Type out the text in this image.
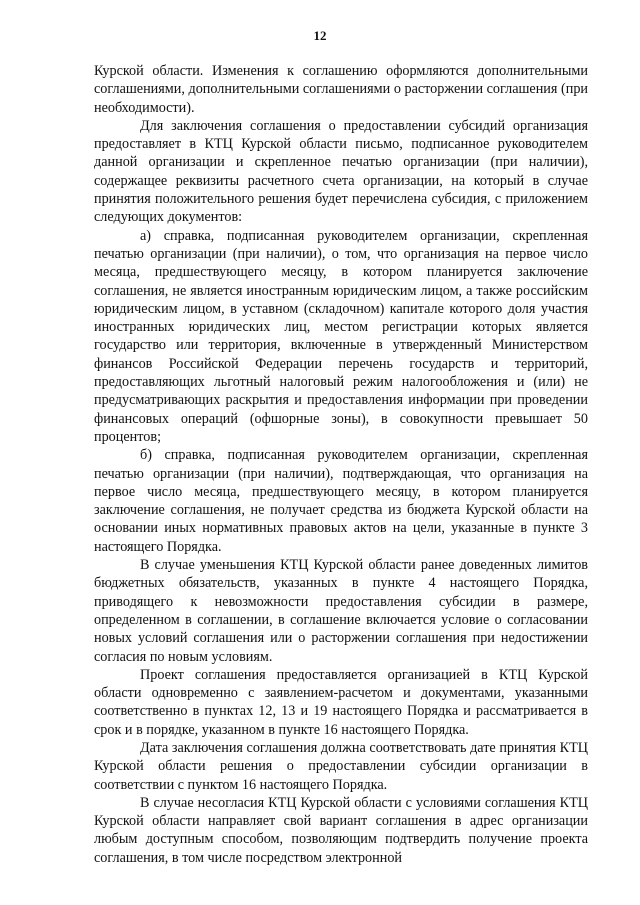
12

Курской области. Изменения к соглашению оформляются дополнительными соглашениями, дополнительными соглашениями о расторжении соглашения (при необходимости).

Для заключения соглашения о предоставлении субсидий организация предоставляет в КТЦ Курской области письмо, подписанное руководителем данной организации и скрепленное печатью организации (при наличии), содержащее реквизиты расчетного счета организации, на который в случае принятия положительного решения будет перечислена субсидия, с приложением следующих документов:

а) справка, подписанная руководителем организации, скрепленная печатью организации (при наличии), о том, что организация на первое число месяца, предшествующего месяцу, в котором планируется заключение соглашения, не является иностранным юридическим лицом, а также российским юридическим лицом, в уставном (складочном) капитале которого доля участия иностранных юридических лиц, местом регистрации которых является государство или территория, включенные в утвержденный Министерством финансов Российской Федерации перечень государств и территорий, предоставляющих льготный налоговый режим налогообложения и (или) не предусматривающих раскрытия и предоставления информации при проведении финансовых операций (офшорные зоны), в совокупности превышает 50 процентов;

б) справка, подписанная руководителем организации, скрепленная печатью организации (при наличии), подтверждающая, что организация на первое число месяца, предшествующего месяцу, в котором планируется заключение соглашения, не получает средства из бюджета Курской области на основании иных нормативных правовых актов на цели, указанные в пункте 3 настоящего Порядка.

В случае уменьшения КТЦ Курской области ранее доведенных лимитов бюджетных обязательств, указанных в пункте 4 настоящего Порядка, приводящего к невозможности предоставления субсидии в размере, определенном в соглашении, в соглашение включается условие о согласовании новых условий соглашения или о расторжении соглашения при недостижении согласия по новым условиям.

Проект соглашения предоставляется организацией в КТЦ Курской области одновременно с заявлением-расчетом и документами, указанными соответственно в пунктах 12, 13 и 19 настоящего Порядка и рассматривается в срок и в порядке, указанном в пункте 16 настоящего Порядка.

Дата заключения соглашения должна соответствовать дате принятия КТЦ Курской области решения о предоставлении субсидии организации в соответствии с пунктом 16 настоящего Порядка.

В случае несогласия КТЦ Курской области с условиями соглашения КТЦ Курской области направляет свой вариант соглашения в адрес организации любым доступным способом, позволяющим подтвердить получение проекта соглашения, в том числе посредством электронной
